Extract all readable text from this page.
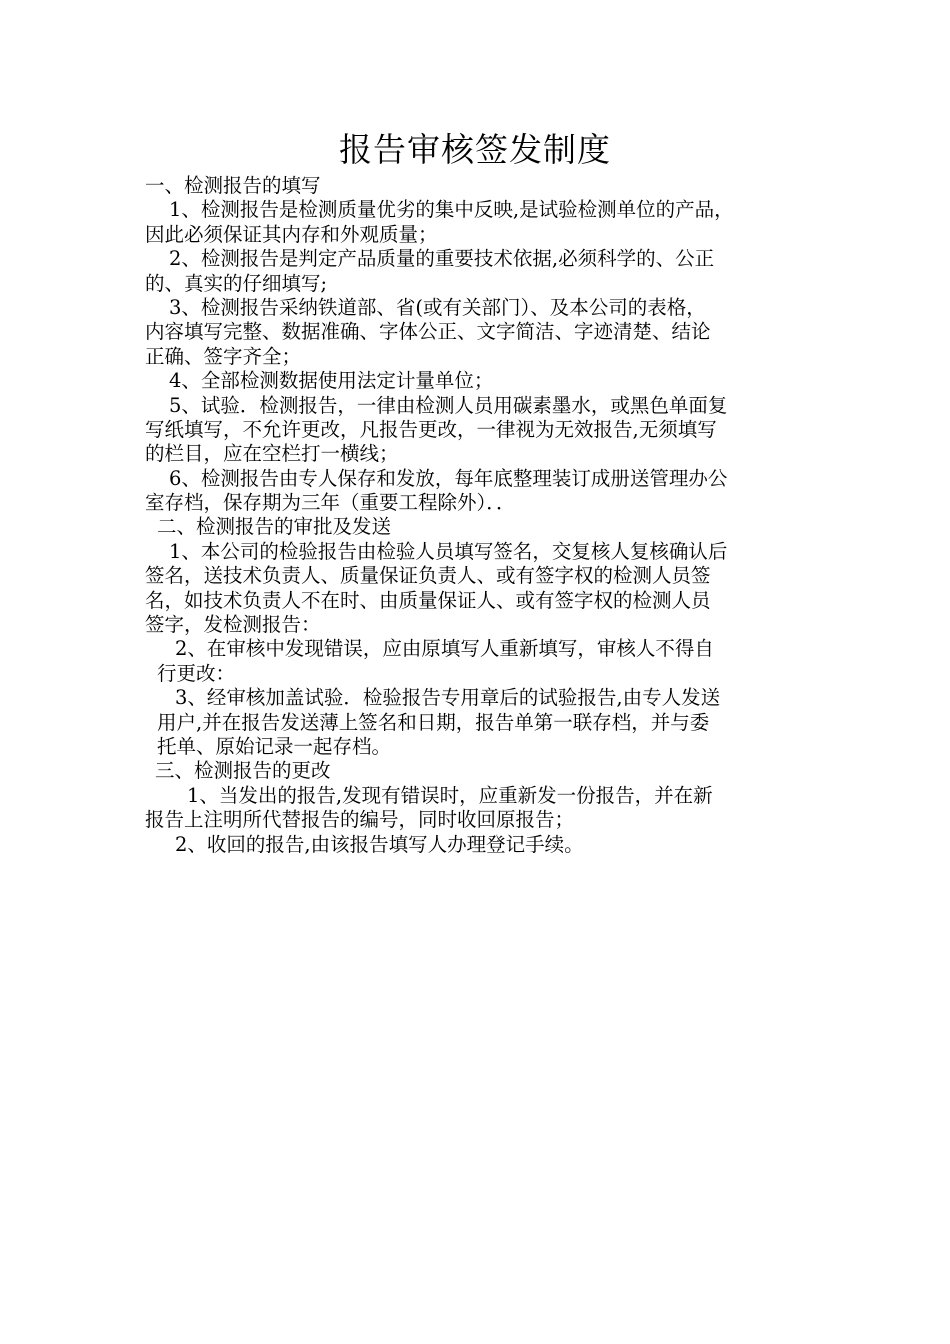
报告审核签发制度
一、检测报告的填写
1、检测报告是检测质量优劣的集中反映,是试验检测单位的产品，
因此必须保证其内存和外观质量；
2、检测报告是判定产品质量的重要技术依据,必须科学的、公正
的、真实的仔细填写;
3、检测报告采纳铁道部、省(或有关部门）、及本公司的表格，
内容填写完整、数据准确、字体公正、文字简洁、字迹清楚、结论
正确、签字齐全；
4、全部检测数据使用法定计量单位；
5、试验．检测报告，一律由检测人员用碳素墨水，或黑色单面复
写纸填写，不允许更改，凡报告更改，一律视为无效报告,无须填写
的栏目，应在空栏打一横线；
6、检测报告由专人保存和发放，每年底整理装订成册送管理办公
室存档，保存期为三年（重要工程除外）．．
二、检测报告的审批及发送
1、本公司的检验报告由检验人员填写签名，交复核人复核确认后
签名，送技术负责人、质量保证负责人、或有签字权的检测人员签
名，如技术负责人不在时、由质量保证人、或有签字权的检测人员
签字，发检测报告：
2、在审核中发现错误，应由原填写人重新填写，审核人不得自
行更改：
3、经审核加盖试验．检验报告专用章后的试验报告,由专人发送
用户,并在报告发送薄上签名和日期，报告单第一联存档，并与委
托单、原始记录一起存档。
三、检测报告的更改
1、当发出的报告,发现有错误时，应重新发一份报告，并在新
报告上注明所代替报告的编号，同时收回原报告；
2、收回的报告,由该报告填写人办理登记手续。
